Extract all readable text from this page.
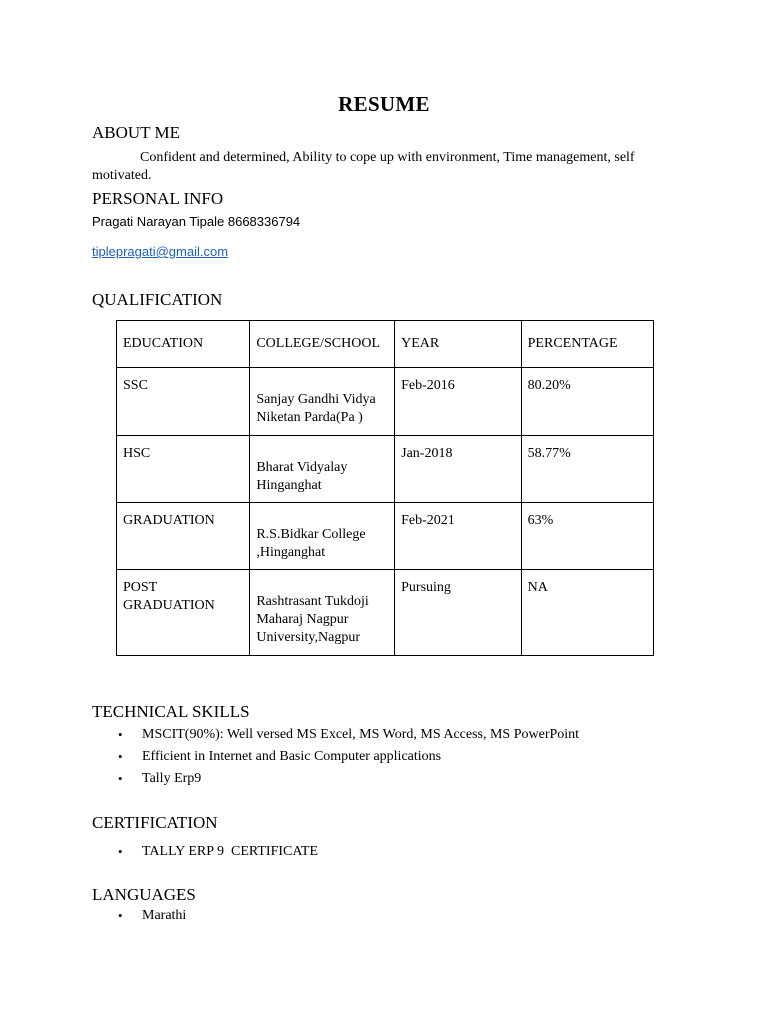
RESUME
ABOUT ME
Confident and determined, Ability to cope up with environment, Time management, self motivated.
PERSONAL INFO
Pragati Narayan Tipale 8668336794
tiplepragati@gmail.com
QUALIFICATION
EDUCATION	COLLEGE/SCHOOL	YEAR	PERCENTAGE

SSC	Sanjay Gandhi Vidya Niketan Parda(Pa )	Feb-2016	80.20%

HSC	Bharat Vidyalay Hinganghat	Jan-2018	58.77%

GRADUATION	R.S.Bidkar College ,Hinganghat	Feb-2021	63%

POST GRADUATION	Rashtrasant Tukdoji Maharaj Nagpur University,Nagpur	Pursuing	NA
TECHNICAL SKILLS
• MSCIT(90%): Well versed MS Excel, MS Word, MS Access, MS PowerPoint
• Efficient in Internet and Basic Computer applications
• Tally Erp9
CERTIFICATION
• TALLY ERP 9  CERTIFICATE
LANGUAGES
• Marathi
